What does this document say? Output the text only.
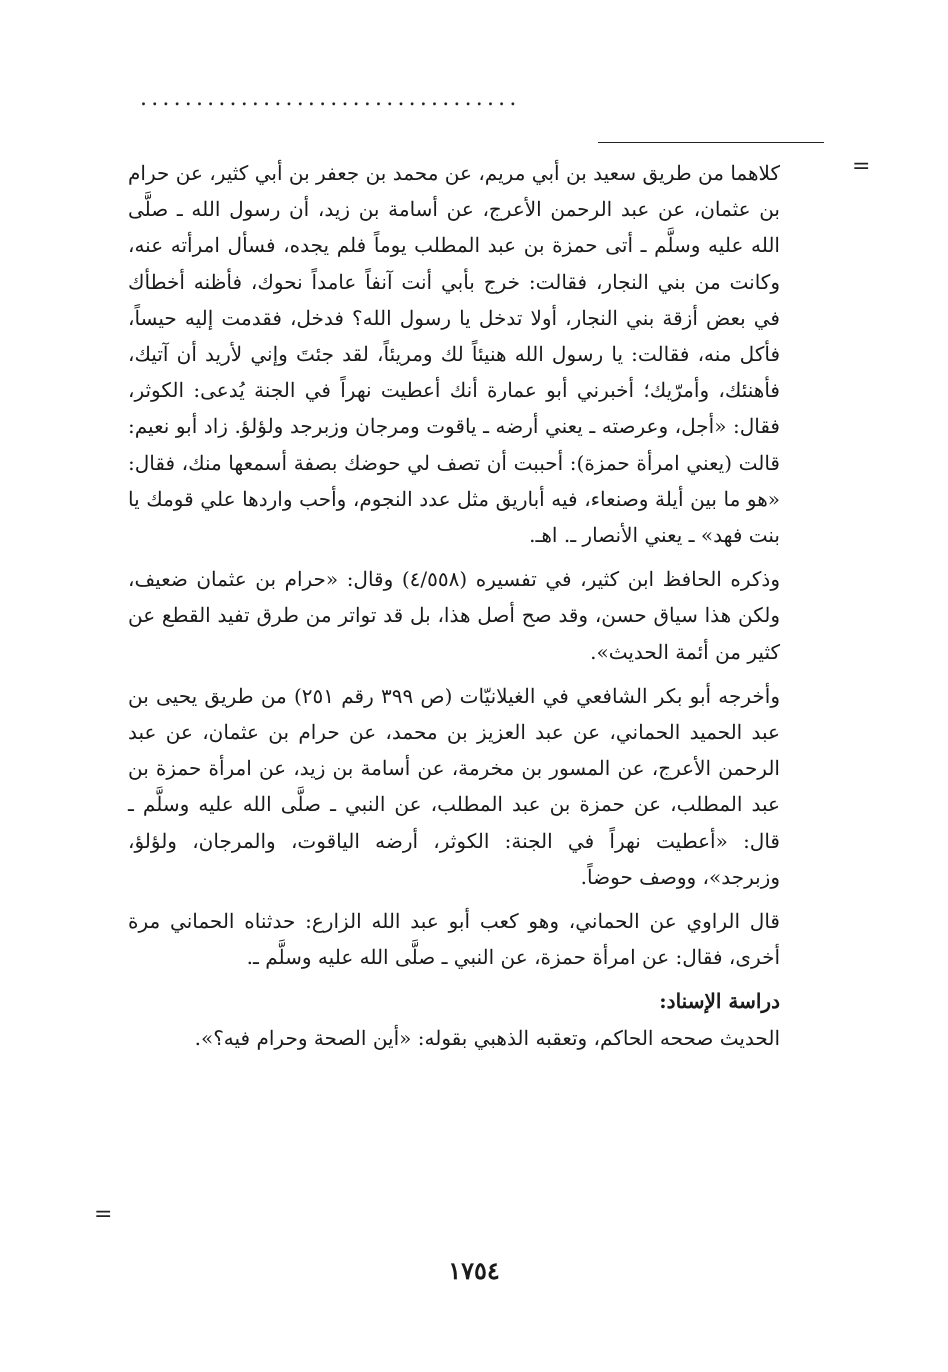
..................................
=

كلاهما من طريق سعيد بن أبي مريم، عن محمد بن جعفر بن أبي كثير، عن حرام بن عثمان، عن عبد الرحمن الأعرج، عن أسامة بن زيد، أن رسول الله ـ صلَّى الله عليه وسلَّم ـ أتى حمزة بن عبد المطلب يوماً فلم يجده، فسأل امرأته عنه، وكانت من بني النجار، فقالت: خرج بأبي أنت آنفاً عامداً نحوك، فأظنه أخطأك في بعض أزقة بني النجار، أولا تدخل يا رسول الله؟ فدخل، فقدمت إليه حيساً، فأكل منه، فقالت: يا رسول الله هنيئاً لك ومريئاً، لقد جئتَ وإني لأريد أن آتيك، فأهنئك، وأمرّيك؛ أخبرني أبو عمارة أنك أعطيت نهراً في الجنة يُدعى: الكوثر، فقال: «أجل، وعرصته ـ يعني أرضه ـ ياقوت ومرجان وزبرجد ولؤلؤ. زاد أبو نعيم: قالت (يعني امرأة حمزة): أحببت أن تصف لي حوضك بصفة أسمعها منك، فقال: «هو ما بين أيلة وصنعاء، فيه أباريق مثل عدد النجوم، وأحب واردها علي قومك يا بنت فهد» ـ يعني الأنصار ـ. اهـ.

وذكره الحافظ ابن كثير، في تفسيره (٤/٥٥٨) وقال: «حرام بن عثمان ضعيف، ولكن هذا سياق حسن، وقد صح أصل هذا، بل قد تواتر من طرق تفيد القطع عن كثير من أئمة الحديث».

وأخرجه أبو بكر الشافعي في الغيلانيّات (ص ٣٩٩ رقم ٢٥١) من طريق يحيى بن عبد الحميد الحماني، عن عبد العزيز بن محمد، عن حرام بن عثمان، عن عبد الرحمن الأعرج، عن المسور بن مخرمة، عن أسامة بن زيد، عن امرأة حمزة بن عبد المطلب، عن حمزة بن عبد المطلب، عن النبي ـ صلَّى الله عليه وسلَّم ـ قال: «أعطيت نهراً في الجنة: الكوثر، أرضه الياقوت، والمرجان، ولؤلؤ، وزبرجد»، ووصف حوضاً.

قال الراوي عن الحماني، وهو كعب أبو عبد الله الزارع: حدثناه الحماني مرة أخرى، فقال: عن امرأة حمزة، عن النبي ـ صلَّى الله عليه وسلَّم ـ.

دراسة الإسناد:

الحديث صححه الحاكم، وتعقبه الذهبي بقوله: «أين الصحة وحرام فيه؟».

=
١٧٥٤
